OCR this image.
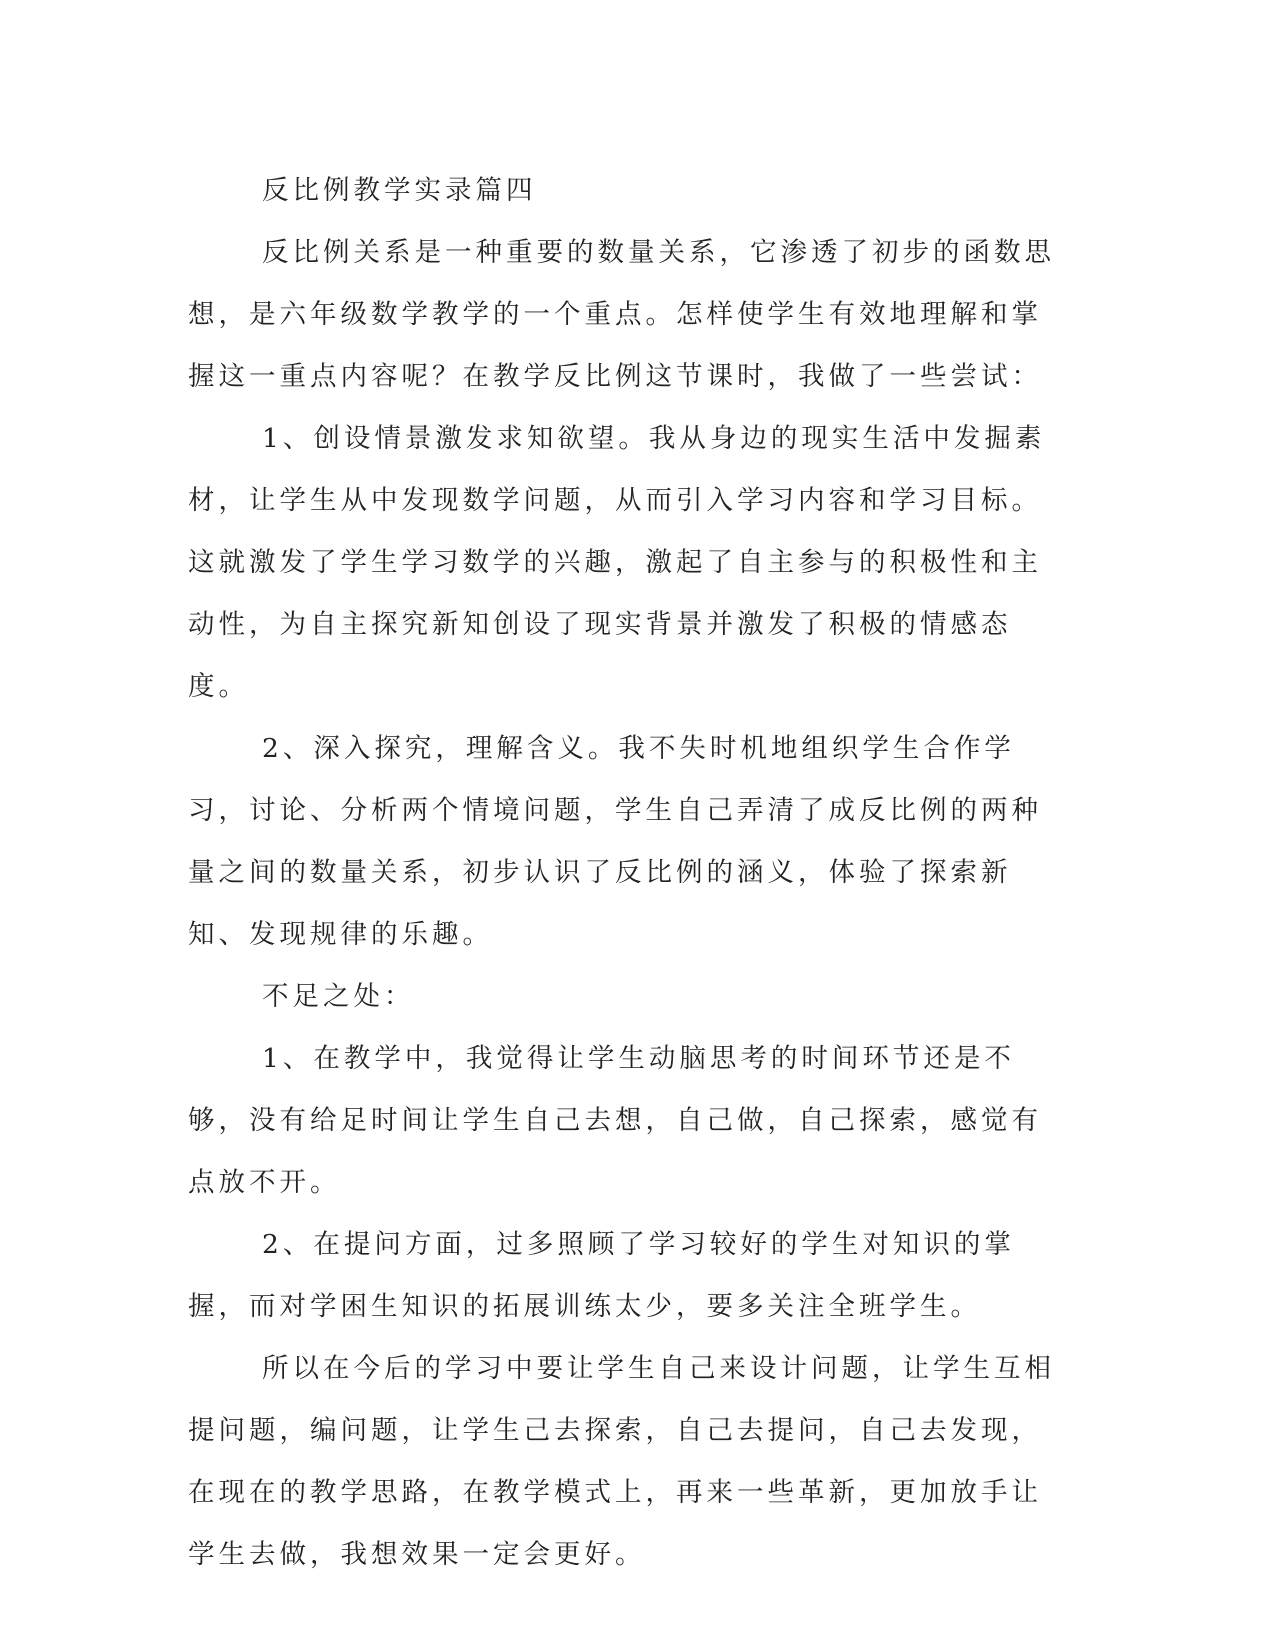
反比例教学实录篇四

反比例关系是一种重要的数量关系，它渗透了初步的函数思想，是六年级数学教学的一个重点。怎样使学生有效地理解和掌握这一重点内容呢？在教学反比例这节课时，我做了一些尝试：

1、创设情景激发求知欲望。我从身边的现实生活中发掘素材，让学生从中发现数学问题，从而引入学习内容和学习目标。这就激发了学生学习数学的兴趣，激起了自主参与的积极性和主动性，为自主探究新知创设了现实背景并激发了积极的情感态度。

2、深入探究，理解含义。我不失时机地组织学生合作学习，讨论、分析两个情境问题，学生自己弄清了成反比例的两种量之间的数量关系，初步认识了反比例的涵义，体验了探索新知、发现规律的乐趣。

不足之处：

1、在教学中，我觉得让学生动脑思考的时间环节还是不够，没有给足时间让学生自己去想，自己做，自己探索，感觉有点放不开。

2、在提问方面，过多照顾了学习较好的学生对知识的掌握，而对学困生知识的拓展训练太少，要多关注全班学生。

所以在今后的学习中要让学生自己来设计问题，让学生互相提问题，编问题，让学生己去探索，自己去提问，自己去发现，在现在的教学思路，在教学模式上，再来一些革新，更加放手让学生去做，我想效果一定会更好。
